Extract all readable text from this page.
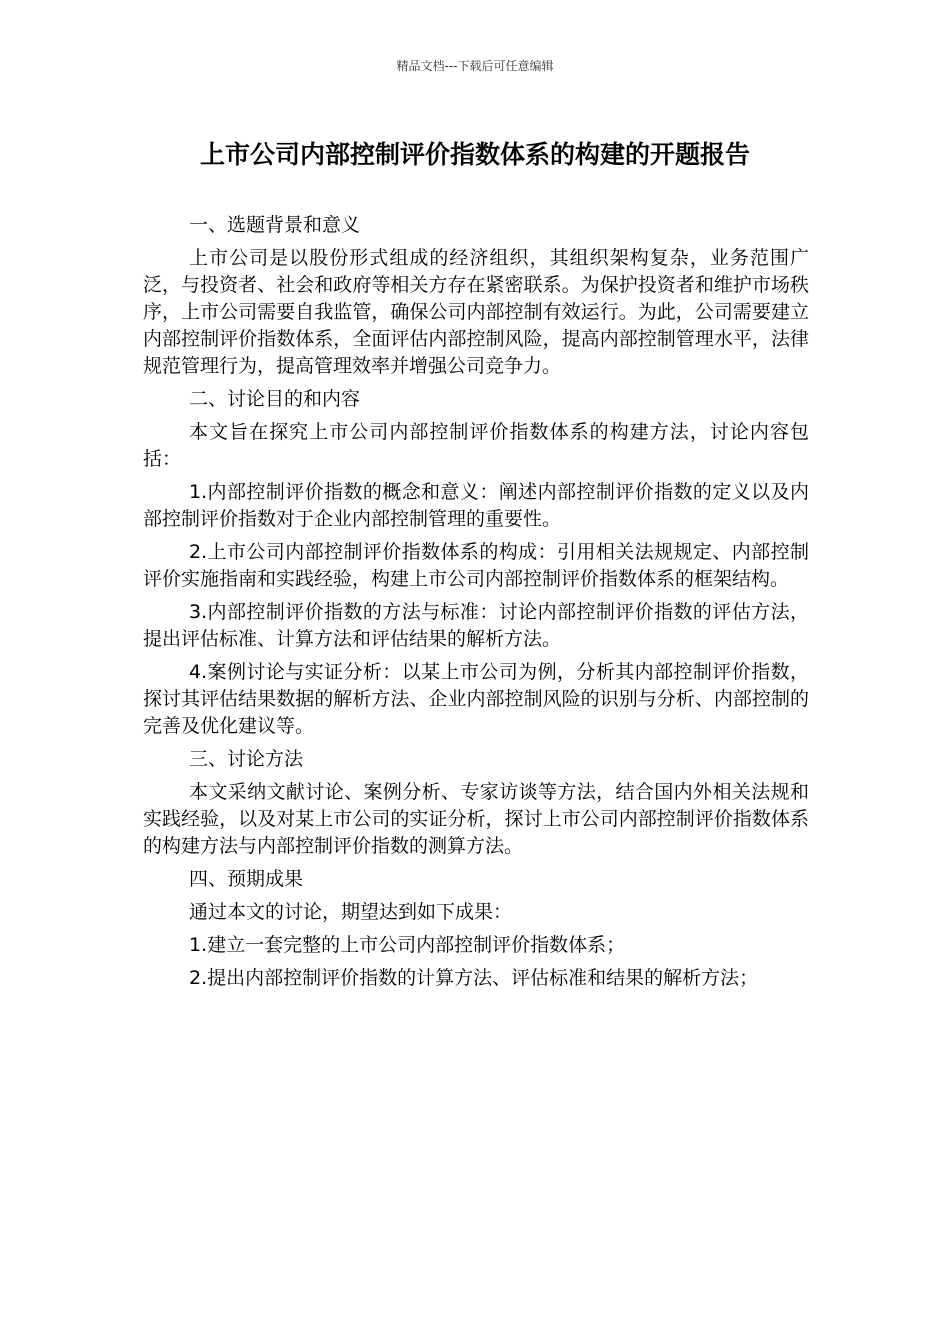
精品文档---下载后可任意编辑
上市公司内部控制评价指数体系的构建的开题报告

一、选题背景和意义

上市公司是以股份形式组成的经济组织，其组织架构复杂，业务范围广泛，与投资者、社会和政府等相关方存在紧密联系。为保护投资者和维护市场秩序，上市公司需要自我监管，确保公司内部控制有效运行。为此，公司需要建立内部控制评价指数体系，全面评估内部控制风险，提高内部控制管理水平，法律规范管理行为，提高管理效率并增强公司竞争力。

二、讨论目的和内容

本文旨在探究上市公司内部控制评价指数体系的构建方法，讨论内容包括：

1.内部控制评价指数的概念和意义：阐述内部控制评价指数的定义以及内部控制评价指数对于企业内部控制管理的重要性。

2.上市公司内部控制评价指数体系的构成：引用相关法规规定、内部控制评价实施指南和实践经验，构建上市公司内部控制评价指数体系的框架结构。

3.内部控制评价指数的方法与标准：讨论内部控制评价指数的评估方法，提出评估标准、计算方法和评估结果的解析方法。

4.案例讨论与实证分析：以某上市公司为例，分析其内部控制评价指数，探讨其评估结果数据的解析方法、企业内部控制风险的识别与分析、内部控制的完善及优化建议等。

三、讨论方法

本文采纳文献讨论、案例分析、专家访谈等方法，结合国内外相关法规和实践经验，以及对某上市公司的实证分析，探讨上市公司内部控制评价指数体系的构建方法与内部控制评价指数的测算方法。

四、预期成果

通过本文的讨论，期望达到如下成果：

1.建立一套完整的上市公司内部控制评价指数体系；

2.提出内部控制评价指数的计算方法、评估标准和结果的解析方法；
